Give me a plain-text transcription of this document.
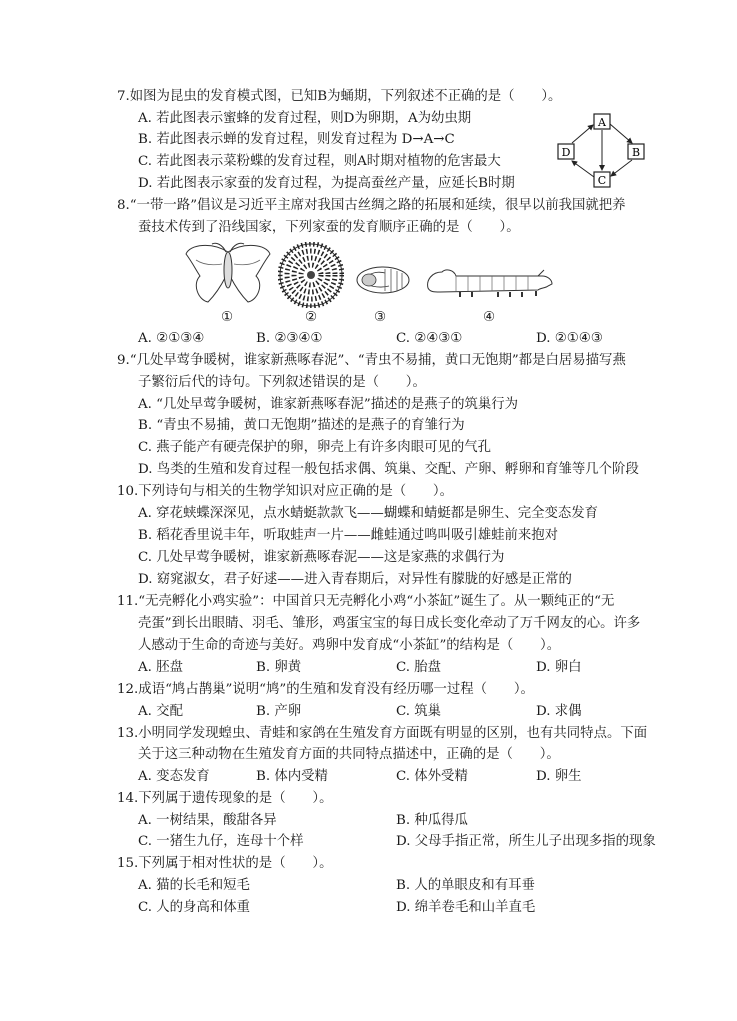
7.如图为昆虫的发育模式图，已知B为蛹期，下列叙述不正确的是（　　）。
A. 若此图表示蜜蜂的发育过程，则D为卵期，A为幼虫期
B. 若此图表示蝉的发育过程，则发育过程为 D→A→C
C. 若此图表示菜粉蝶的发育过程，则A时期对植物的危害最大
D. 若此图表示家蚕的发育过程，为提高蚕丝产量，应延长B时期
A
B
C
D
8.“一带一路”倡议是习近平主席对我国古丝绸之路的拓展和延续，很早以前我国就把养
蚕技术传到了沿线国家，下列家蚕的发育顺序正确的是（　　）。
①	②	③	④
A. ②①③④	B. ②③④①	C. ②④③①	D. ②①④③
9.“几处早莺争暖树，谁家新燕啄春泥”、“青虫不易捕，黄口无饱期”都是白居易描写燕
子繁衍后代的诗句。下列叙述错误的是（　　）。
A. “几处早莺争暖树，谁家新燕啄春泥”描述的是燕子的筑巢行为
B. “青虫不易捕，黄口无饱期”描述的是燕子的育雏行为
C. 燕子能产有硬壳保护的卵，卵壳上有许多肉眼可见的气孔
D. 鸟类的生殖和发育过程一般包括求偶、筑巢、交配、产卵、孵卵和育雏等几个阶段
10.下列诗句与相关的生物学知识对应正确的是（　　）。
A. 穿花蛱蝶深深见，点水蜻蜓款款飞——蝴蝶和蜻蜓都是卵生、完全变态发育
B. 稻花香里说丰年，听取蛙声一片——雌蛙通过鸣叫吸引雄蛙前来抱对
C. 几处早莺争暖树，谁家新燕啄春泥——这是家燕的求偶行为
D. 窈窕淑女，君子好逑——进入青春期后，对异性有朦胧的好感是正常的
11.“无壳孵化小鸡实验”：中国首只无壳孵化小鸡“小茶缸”诞生了。从一颗纯正的“无
壳蛋”到长出眼睛、羽毛、雏形，鸡蛋宝宝的每日成长变化牵动了万千网友的心。许多
人感动于生命的奇迹与美好。鸡卵中发育成“小茶缸”的结构是（　　）。
A. 胚盘	B. 卵黄	C. 胎盘	D. 卵白
12.成语“鸠占鹊巢”说明“鸠”的生殖和发育没有经历哪一过程（　　）。
A. 交配	B. 产卵	C. 筑巢	D. 求偶
13.小明同学发现蝗虫、青蛙和家鸽在生殖发育方面既有明显的区别，也有共同特点。下面
关于这三种动物在生殖发育方面的共同特点描述中，正确的是（　　）。
A. 变态发育	B. 体内受精	C. 体外受精	D. 卵生
14.下列属于遗传现象的是（　　）。
A. 一树结果，酸甜各异	B. 种瓜得瓜
C. 一猪生九仔，连母十个样	D. 父母手指正常，所生儿子出现多指的现象
15.下列属于相对性状的是（　　）。
A. 猫的长毛和短毛	B. 人的单眼皮和有耳垂
C. 人的身高和体重	D. 绵羊卷毛和山羊直毛
